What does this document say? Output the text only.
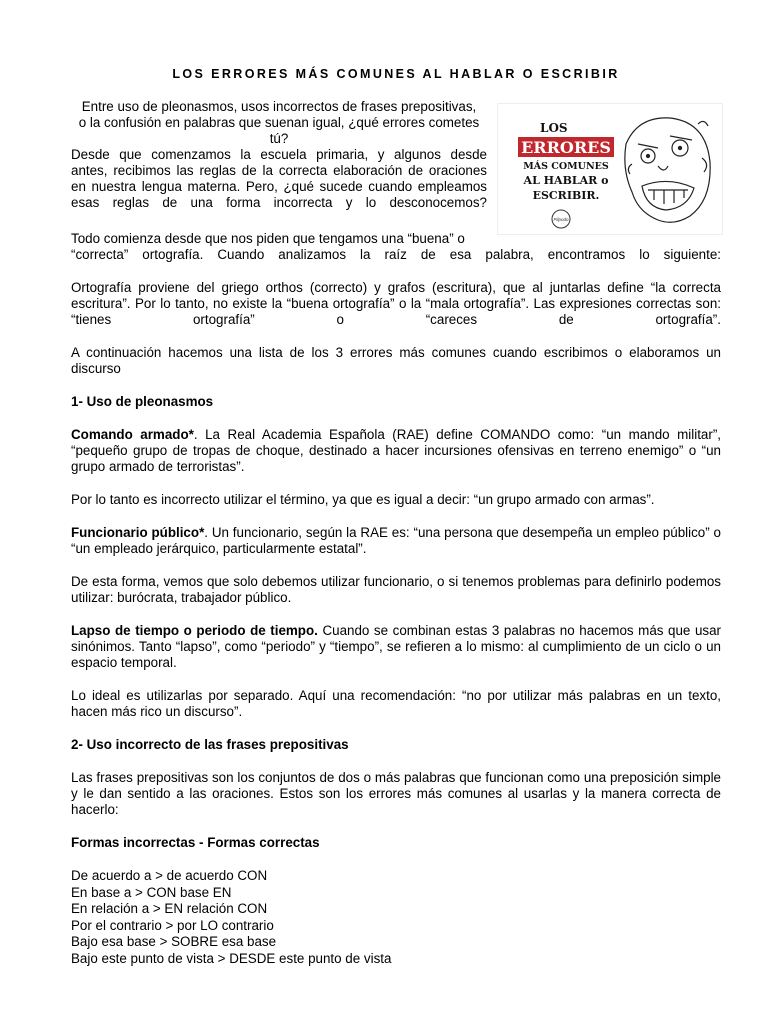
LOS ERRORES MÁS COMUNES AL HABLAR O ESCRIBIR

Entre uso de pleonasmos, usos incorrectos de frases prepositivas,

o la confusión en palabras que suenan igual, ¿qué errores cometes

tú?

Desde que comenzamos la escuela primaria, y algunos desde

antes, recibimos las reglas de la correcta elaboración de oraciones

en nuestra lengua materna. Pero, ¿qué sucede cuando empleamos

esas reglas de una forma incorrecta y lo desconocemos?

LOS
ERRORES
MÁS COMUNES
AL HABLAR o
ESCRIBIR.
Pilpodo

Todo comienza desde que nos piden que tengamos una “buena” o
“correcta” ortografía. Cuando analizamos la raíz de esa palabra, encontramos lo siguiente:

Ortografía proviene del griego orthos (correcto) y grafos (escritura), que al juntarlas define “la correcta escritura”. Por lo tanto, no existe la “buena ortografía” o la “mala ortografía”. Las expresiones correctas son: “tienes ortografía” o “careces de ortografía”.

A continuación hacemos una lista de los 3 errores más comunes cuando escribimos o elaboramos un discurso

1- Uso de pleonasmos

Comando armado*. La Real Academia Española (RAE) define COMANDO como: “un mando militar”, “pequeño grupo de tropas de choque, destinado a hacer incursiones ofensivas en terreno enemigo” o “un grupo armado de terroristas”.

Por lo tanto es incorrecto utilizar el término, ya que es igual a decir: “un grupo armado con armas”.

Funcionario público*. Un funcionario, según la RAE es: “una persona que desempeña un empleo público” o “un empleado jerárquico, particularmente estatal”.

De esta forma, vemos que solo debemos utilizar funcionario, o si tenemos problemas para definirlo podemos utilizar: burócrata, trabajador público.

Lapso de tiempo o periodo de tiempo. Cuando se combinan estas 3 palabras no hacemos más que usar sinónimos. Tanto “lapso”, como “periodo” y “tiempo”, se refieren a lo mismo: al cumplimiento de un ciclo o un espacio temporal.

Lo ideal es utilizarlas por separado. Aquí una recomendación: “no por utilizar más palabras en un texto, hacen más rico un discurso”.

2- Uso incorrecto de las frases prepositivas

Las frases prepositivas son los conjuntos de dos o más palabras que funcionan como una preposición simple y le dan sentido a las oraciones. Estos son los errores más comunes al usarlas y la manera correcta de hacerlo:

Formas incorrectas - Formas correctas

De acuerdo a > de acuerdo CON
En base a > CON base EN
En relación a > EN relación CON
Por el contrario > por LO contrario
Bajo esa base > SOBRE esa base
Bajo este punto de vista > DESDE este punto de vista
